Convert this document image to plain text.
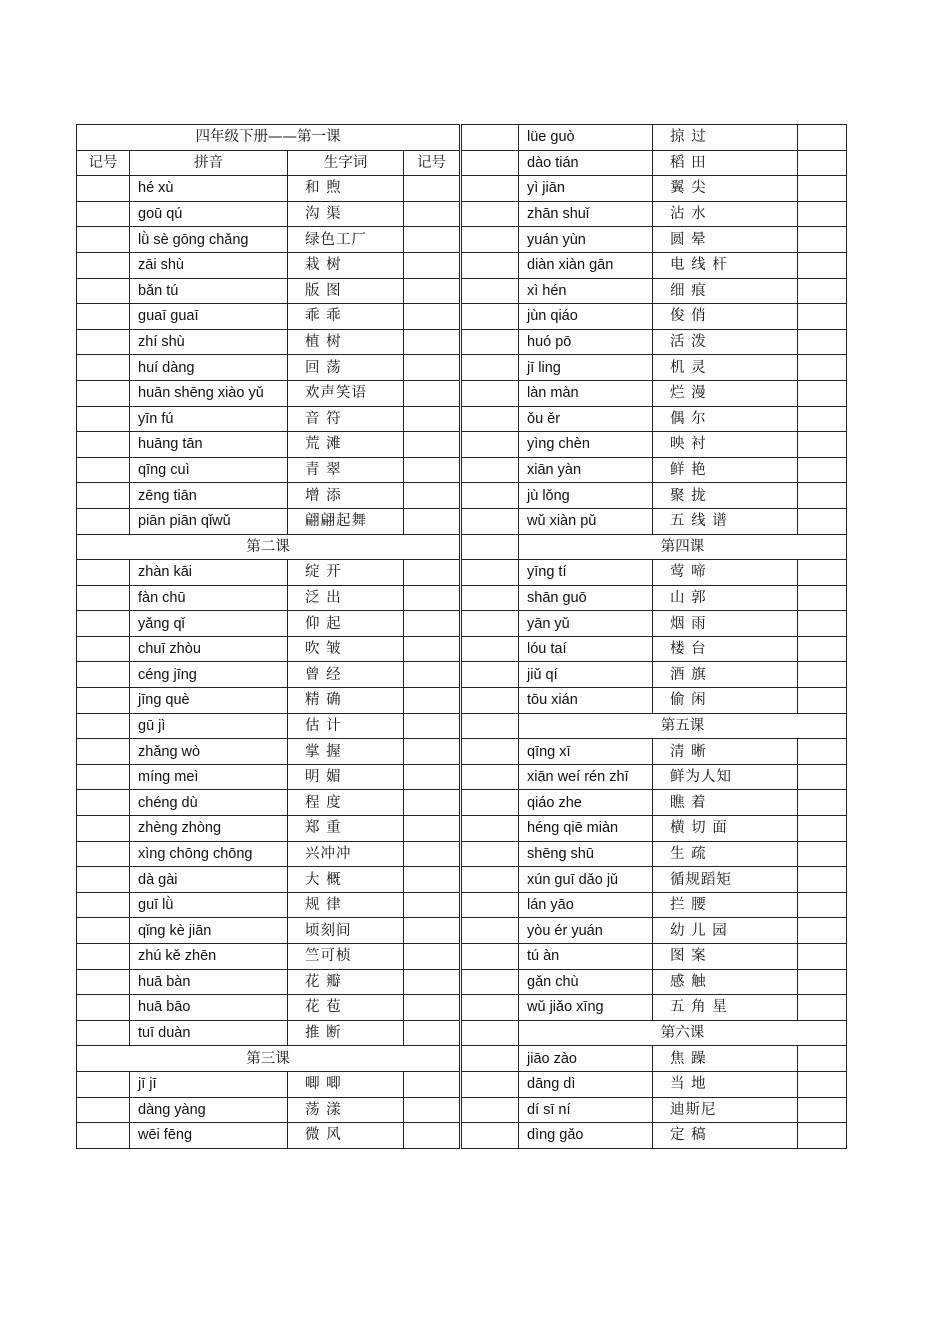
四年级下册——第一课					lüe guò	掠 过	
记号	拼音	生字词	记号		dào tián	稻 田	
	hé xù	和 煦			yì jiān	翼 尖	
	goū qú	沟 渠			zhān shuǐ	沾 水	
	lǜ sè gōng chǎng	绿色工厂			yuán yùn	圆 晕	
	zāi shù	栽 树			diàn xiàn gān	电 线 杆	
	bǎn tú	版 图			xì hén	细 痕	
	guaī guaī	乖 乖			jùn qiáo	俊 俏	
	zhí shù	植 树			huó pō	活 泼	
	huí dàng	回 荡			jī ling	机 灵	
	huān shēng xiào yǔ	欢声笑语			làn màn	烂 漫	
	yīn fú	音 符			ǒu ěr	偶 尔	
	huāng tān	荒 滩			yìng chèn	映 衬	
	qīng cuì	青 翠			xiān yàn	鲜 艳	
	zēng tiān	增 添			jù lǒng	聚 拢	
	piān piān qǐwǔ	翩翩起舞			wǔ xiàn pǔ	五 线 谱	
第二课					第四课		
	zhàn kāi	绽 开			yīng tí	莺 啼	
	fàn chū	泛 出			shān guō	山 郭	
	yǎng qǐ	仰 起			yān yǔ	烟 雨	
	chuī zhòu	吹 皱			lóu taí	楼 台	
	céng jīng	曾 经			jiǔ qí	酒 旗	
	jīng què	精 确			tōu xián	偷 闲	
	gū jì	估 计			第五课		
	zhǎng wò	掌 握			qīng xī	清 晰	
	míng meì	明 媚			xiān weí rén zhī	鲜为人知	
	chéng dù	程 度			qiáo zhe	瞧 着	
	zhèng zhòng	郑 重			héng qiē miàn	横 切 面	
	xìng chōng chōng	兴冲冲			shēng shū	生 疏	
	dà gài	大 概			xún guī dǎo jǔ	循规蹈矩	
	guī lǜ	规 律			lán yāo	拦 腰	
	qǐng kè jiān	顷刻间			yòu ér yuán	幼 儿 园	
	zhú kě zhēn	竺可桢			tú àn	图 案	
	huā bàn	花 瓣			gǎn chù	感 触	
	huā bāo	花 苞			wǔ jiǎo xīng	五 角 星	
	tuī duàn	推 断			第六课		
第三课					jiāo zào	焦 躁	
	jī jī	唧 唧			dāng dì	当 地	
	dàng yàng	荡 漾			dí sī ní	迪斯尼	
	wēi fēng	微 风			dìng gǎo	定 稿	
